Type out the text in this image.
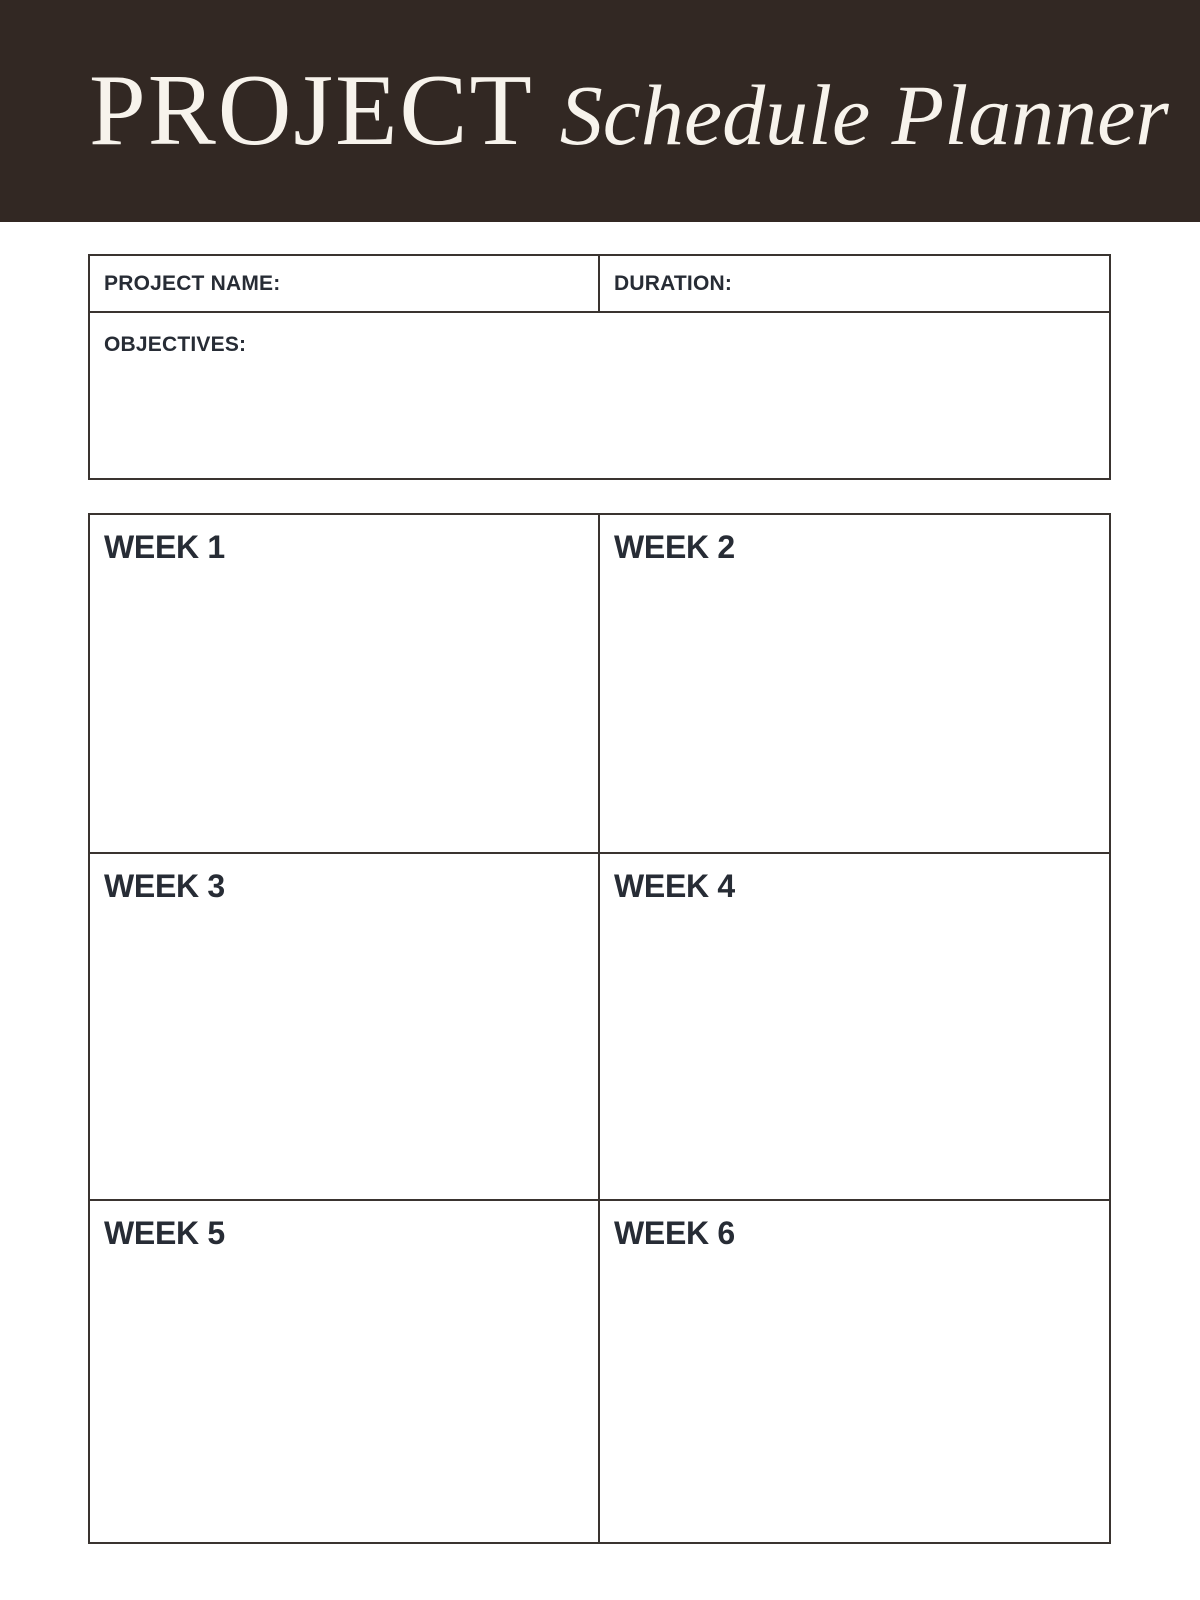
PROJECT Schedule Planner
PROJECT NAME:	DURATION:
OBJECTIVES:
WEEK 1	WEEK 2
WEEK 3	WEEK 4
WEEK 5	WEEK 6
